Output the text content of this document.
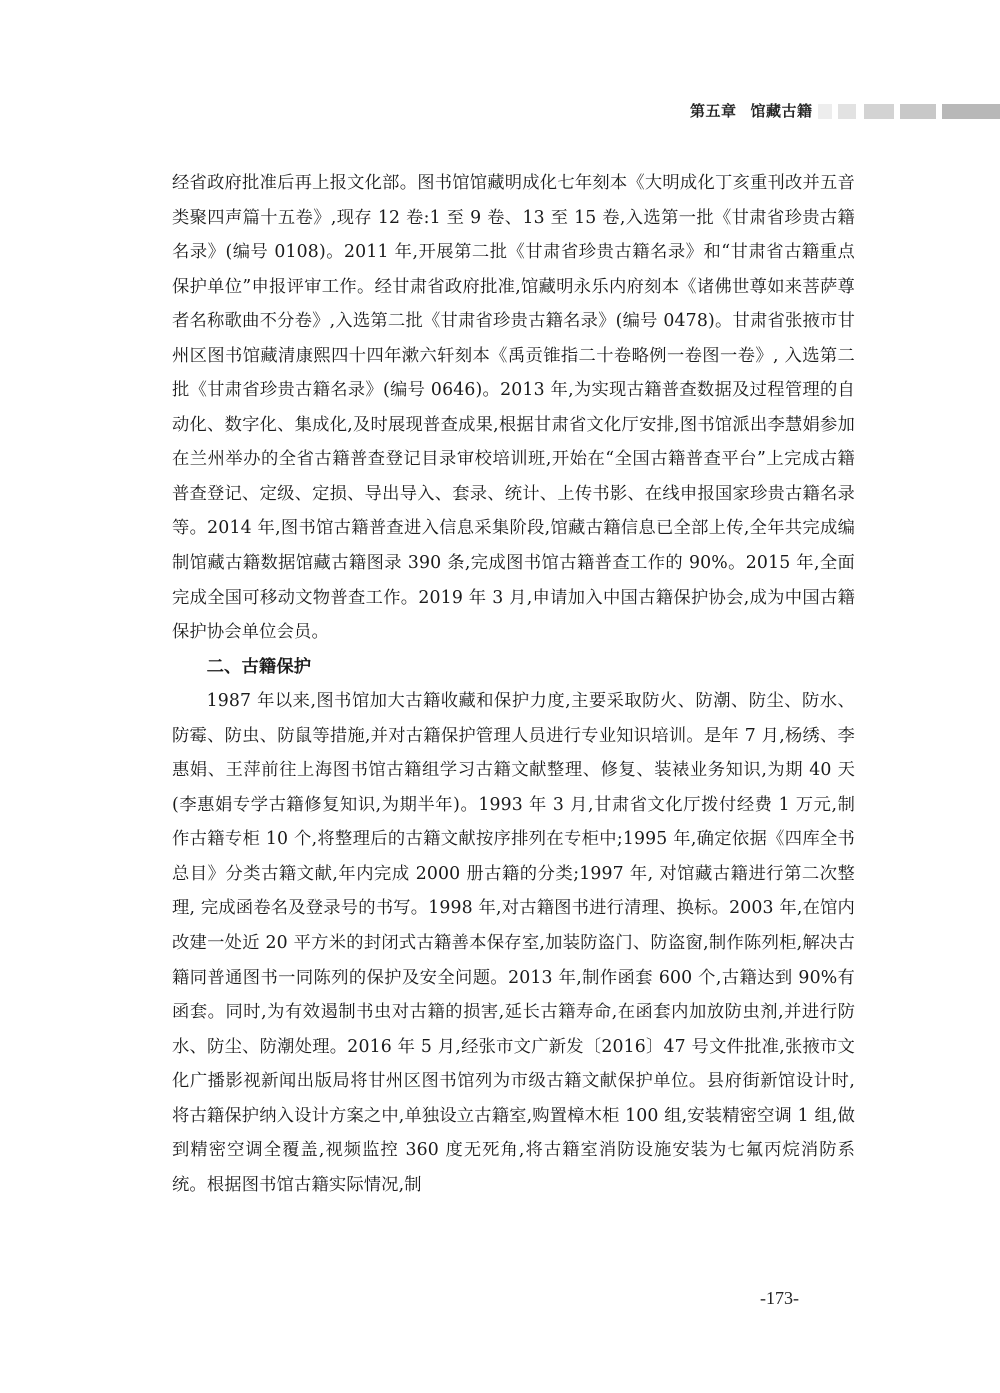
第五章 馆藏古籍

经省政府批准后再上报文化部。图书馆馆藏明成化七年刻本《大明成化丁亥重刊改并五音类聚四声篇十五卷》,现存 12 卷:1 至 9 卷、13 至 15 卷,入选第一批《甘肃省珍贵古籍名录》(编号 0108)。2011 年,开展第二批《甘肃省珍贵古籍名录》和“甘肃省古籍重点保护单位”申报评审工作。经甘肃省政府批准,馆藏明永乐内府刻本《诸佛世尊如来菩萨尊者名称歌曲不分卷》,入选第二批《甘肃省珍贵古籍名录》(编号 0478)。甘肃省张掖市甘州区图书馆藏清康熙四十四年漱六轩刻本《禹贡锥指二十卷略例一卷图一卷》, 入选第二批《甘肃省珍贵古籍名录》(编号 0646)。2013 年,为实现古籍普查数据及过程管理的自动化、数字化、集成化,及时展现普查成果,根据甘肃省文化厅安排,图书馆派出李慧娟参加在兰州举办的全省古籍普查登记目录审校培训班,开始在“全国古籍普查平台”上完成古籍普查登记、定级、定损、导出导入、套录、统计、上传书影、在线申报国家珍贵古籍名录等。2014 年,图书馆古籍普查进入信息采集阶段,馆藏古籍信息已全部上传,全年共完成编制馆藏古籍数据馆藏古籍图录 390 条,完成图书馆古籍普查工作的 90%。2015 年,全面完成全国可移动文物普查工作。2019 年 3 月,申请加入中国古籍保护协会,成为中国古籍保护协会单位会员。

二、古籍保护

1987 年以来,图书馆加大古籍收藏和保护力度,主要采取防火、防潮、防尘、防水、防霉、防虫、防鼠等措施,并对古籍保护管理人员进行专业知识培训。是年 7 月,杨绣、李惠娟、王萍前往上海图书馆古籍组学习古籍文献整理、修复、装裱业务知识,为期 40 天(李惠娟专学古籍修复知识,为期半年)。1993 年 3 月,甘肃省文化厅拨付经费 1 万元,制作古籍专柜 10 个,将整理后的古籍文献按序排列在专柜中;1995 年,确定依据《四库全书总目》分类古籍文献,年内完成 2000 册古籍的分类;1997 年, 对馆藏古籍进行第二次整理, 完成函卷名及登录号的书写。1998 年,对古籍图书进行清理、换标。2003 年,在馆内改建一处近 20 平方米的封闭式古籍善本保存室,加装防盗门、防盗窗,制作陈列柜,解决古籍同普通图书一同陈列的保护及安全问题。2013 年,制作函套 600 个,古籍达到 90%有函套。同时,为有效遏制书虫对古籍的损害,延长古籍寿命,在函套内加放防虫剂,并进行防水、防尘、防潮处理。2016 年 5 月,经张市文广新发〔2016〕47 号文件批准,张掖市文化广播影视新闻出版局将甘州区图书馆列为市级古籍文献保护单位。县府街新馆设计时,将古籍保护纳入设计方案之中,单独设立古籍室,购置樟木柜 100 组,安装精密空调 1 组,做到精密空调全覆盖,视频监控 360 度无死角,将古籍室消防设施安装为七氟丙烷消防系统。根据图书馆古籍实际情况,制

-173-
